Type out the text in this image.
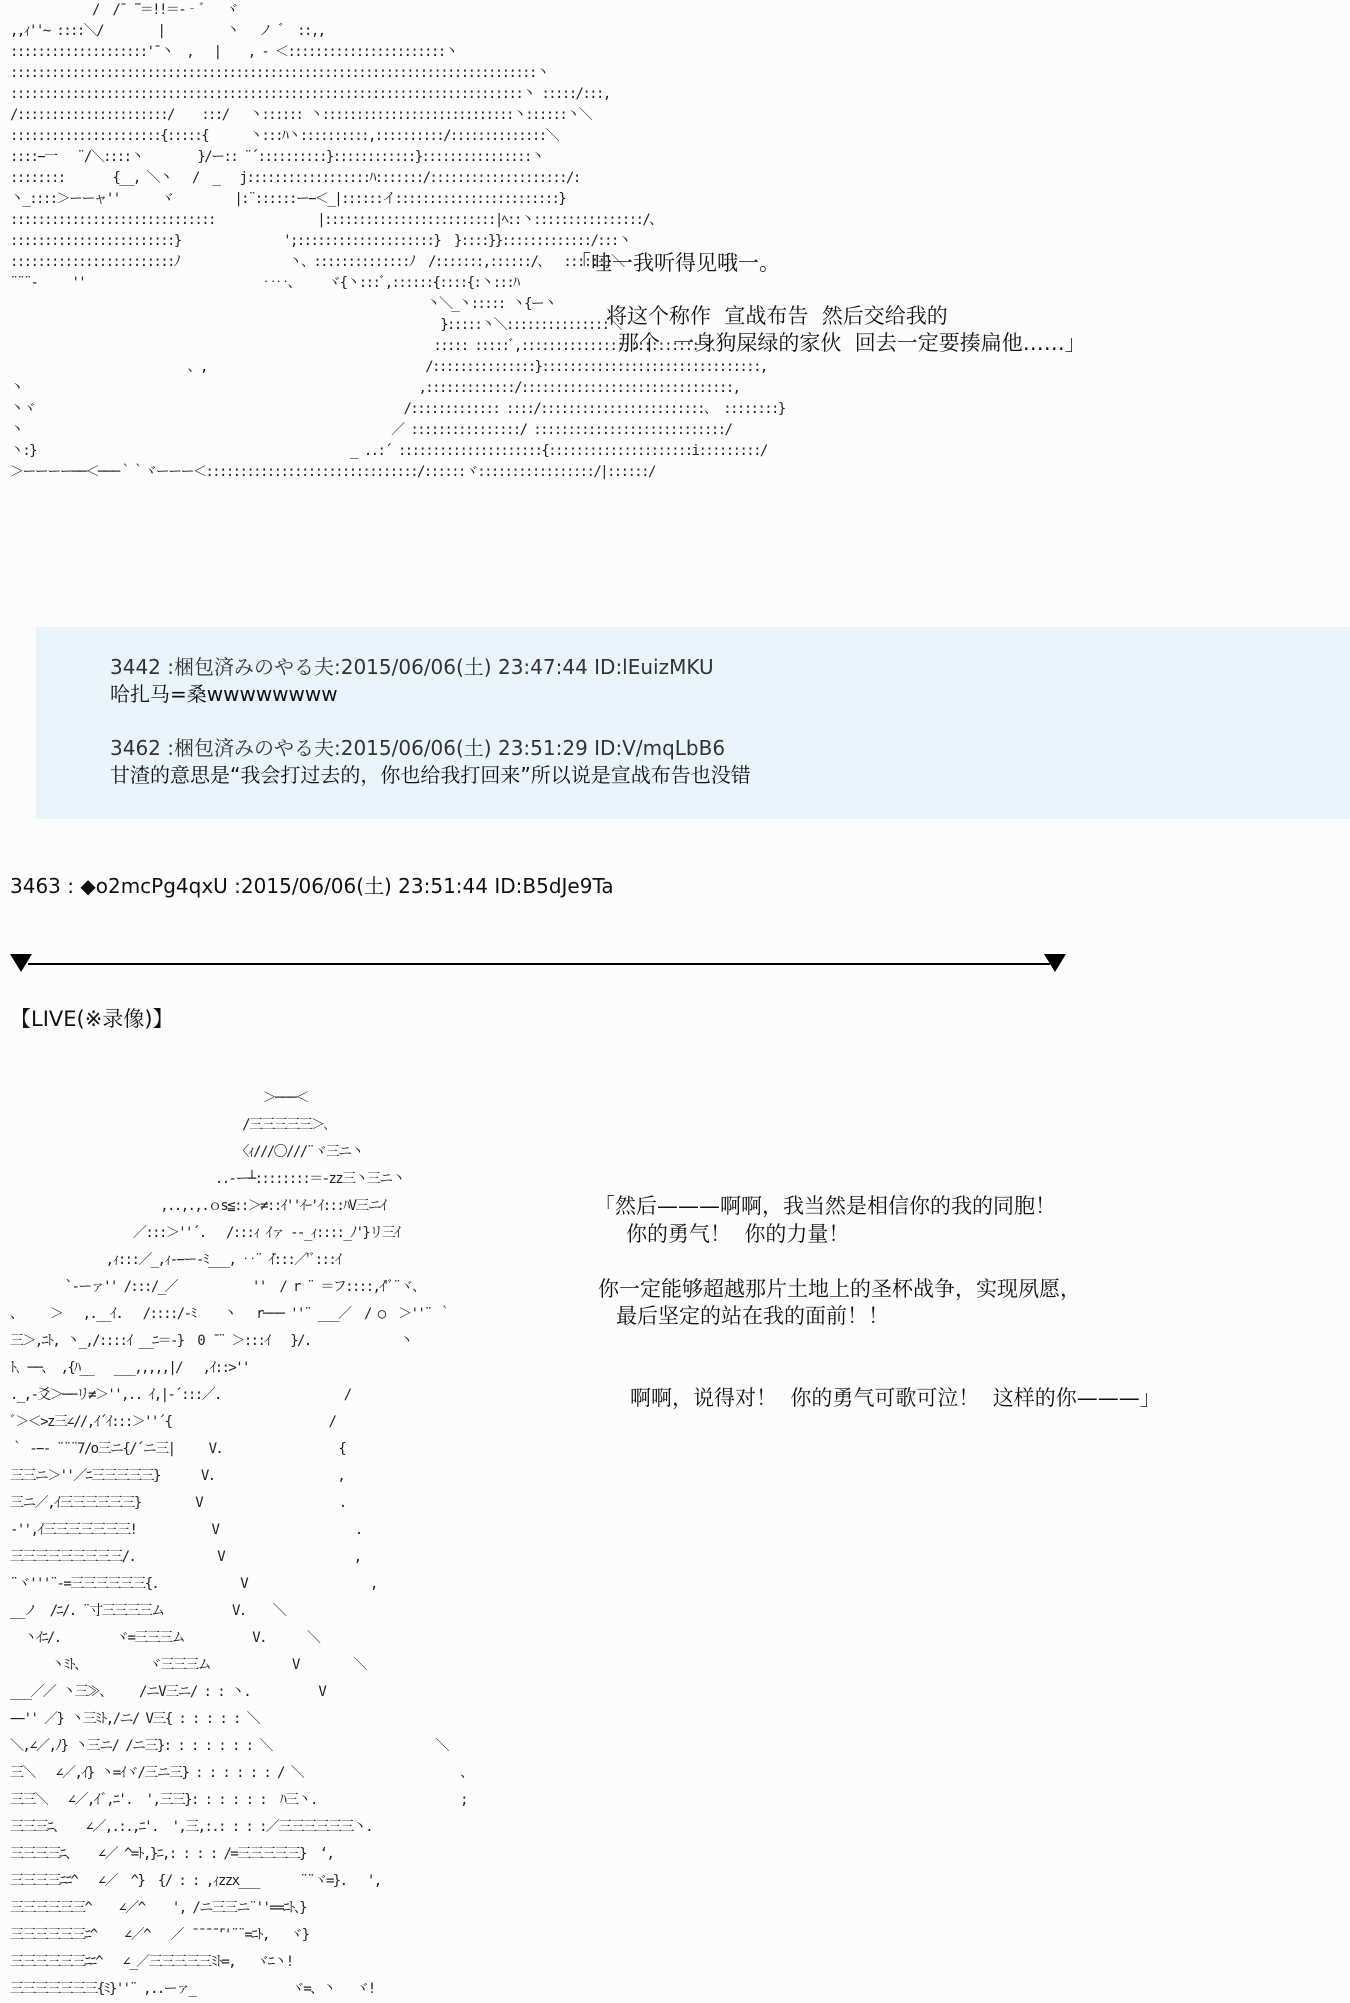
/  /¯ ̄¯＝!!＝-‐ﾞ   ヾ
,,ｨ''~ ::::＼/        |         丶   ノ ゛ ::,,
::::::::::::::::::::'¯丶  ,   |    , ‐ ＜:::::::::::::::::::::::丶
:::::::::::::::::::::::::::::::::::::::::::::::::::::::::::::::::::::::::::::丶
:::::::::::::::::::::::::::::::::::::::::::::::::::::::::::::::::::::::::::丶 :::::/:::,
/::::::::::::::::::::::/    :::/   丶:::::: 丶::::::::::::::::::::::::::::丶::::::丶＼
::::::::::::::::::::::{:::::{      丶:::ﾊ丶::::::::::,::::::::::/::::::::::::::＼
::::−一   ¨/＼::::丶        }/ー:: ¨´::::::::::}::::::::::::}::::::::::::::::丶
::::::::       {__, ＼丶   /  _   j::::::::::::::::::ﾊ:::::::/::::::::::::::::::::/:
丶_::::＞ーーャ''      ヾ         |:¨::::::ー−＜_|::::::イ::::::::::::::::::::::::}
::::::::::::::::::::::::::::::               |:::::::::::::::::::::::::|ﾍ::丶::::::::::::::::/、
::::::::::::::::::::::::}               ';::::::::::::::::::::}  }::::}}:::::::::::::/:::丶
::::::::::::::::::::::::ﾉ                丶、::::::::::::::ﾉ  /:::::::,::::::/、  ::::::}＼
¨¨¨‐     ''                          ‥‥、    ヾ{丶:::ﾞ,::::::{::::{:丶:::ﾊ
丶＼_丶::::: 丶{ー丶
}:::::丶＼:::::::::::::::＼
::::: :::::ﾞ,::::::::::::::::::::::::::丶、
、,                                /:::::::::::::::}::::::::::::::::::::::::::::::::,
丶                                                          ,:::::::::::::/:::::::::::::::::::::::::::::::,
丶ヾ                                                      /::::::::::::: ::::/::::::::::::::::::::::::、 ::::::::}
丶                                                      ／ ::::::::::::::::/ ::::::::::::::::::::::::::::/
丶:}                                              _ ..:´ :::::::::::::::::::::{:::::::::::::::::::::i:::::::::/
＞ーーーー──＜───｀｀ヾーーー＜:::::::::::::::::::::::::::::::/::::::ヾ:::::::::::::::::/|::::::/
「哇一我听得见哦一。
将这个称作  宣战布告  然后交给我的
那个  一身狗屎绿的家伙  回去一定要揍扁他……」
3442 :梱包済みのやる夫:2015/06/06(土) 23:47:44 ID:lEuizMKU
哈扎马=桑wwwwwwww
3462 :梱包済みのやる夫:2015/06/06(土) 23:51:29 ID:V/mqLbB6
甘渣的意思是“我会打过去的，你也给我打回来”所以说是宣战布告也没错
3463 : ◆o2mcPg4qxU :2015/06/06(土) 23:51:44 ID:B5dJe9Ta
【LIVE(※录像)】
＞───＜
/三三三三三＞､
〈ｨ///〇///¨ヾ三ニ丶
..‐ー┴::::::::＝-zz三丶三ニ丶
,..,.,.ｏs≦::＞≠::ｲ''ｲｰ'ｲ:::ﾊV三ニｲ
／:::＞''´.   /:::ｨ ｲァ ‐-_ｨ::::_ﾉ'}リ三ｲ
,ｨ:::／_,ｨ‐−ー-ﾐ___, ‥¨ ̄ｲ:::／'ﾞ:::ｲ
`‐ーァ'' /:::/_／           ''  / r ¨ ＝フ::::,ｲ'ﾞ¨ヾ、
、    ＞   ,.__ｲ.   /::::/‐ﾐ    丶   r─── ''¨ ___／  / ○  ＞''¨ ｀
三＞,ﾆﾄ, 丶_,/::::ｲ __ﾆ＝-}  0 ̄ ¨ ＞:::ｲ   }/.             丶
ﾄ､ ──、 ,{ﾊ__   ___,,,,,|/   ,ｲ::>''
._,-爻＞──リ≠＞'',.. ｲ,|-´:::／.                  /
ﾞ＞＜>z三∠//,ｲ´ｲ:::＞''´{                       /
｀ ‐−‐ ¨¨¨7/o三ニ{/´ニ三|     V.                 {
三三ニ＞''／ﾆ三三三三三}      V.                  ,
三ニ／,ｲ三三三三三三}        V                    .
-'',ｲ三三三三三三三!           V                    .
三三三三三三三三三/.            V                   ,
¨ヾ'''¨-=三三三三三三{.            V                  ,
__ノ  /ﾆ/. ¨寸三三三三ム          V.    ＼
丶ｲﾆ/.        ヾ=三三三ム          V.      ＼
丶ﾐﾄ、         ヾ三三三ム            V        ＼
___／／ 丶三≫、    /ニV三ニ/ : : 丶.          V
−−'' ／} 丶三ﾐﾄ,/ニ/ V三{ : : : : : ＼
＼,∠／,ﾉ} 丶三ニ/ /ニ三}: : : : : : : ＼                        ＼
三＼   ∠／,ｲ} 丶=ｲヾ/三ニ三} : : : : : : / ＼                       、
三三＼   ∠／,ｲﾞ,ﾆ'.  ',三三}: : : : : :  ﾊ三丶.                     ;
三三三ﾆ、   ∠／,.:.,ﾆ'.  ',三,:.: : : :／三三三三三三丶.
三三三三ﾆ、   ∠／ ^=ﾄ,}ﾆ,: : : : /=三三三三三}  ‘,
三三三三ﾆﾆ^   ∠／  ^}  {/ : : ,ｨzzx___      ¨¨ヾ=}.   ',
三三三三三三^    ∠／^    ', /ニ三三ニ¨''==ﾆﾄ、}
三三三三三三ﾆ^    ∠／^   ／ ̄ ̄ ̄ ̄ ̄''¨¨=ﾆﾄ,   ヾ}
三三三三三三ﾆﾆ^   ∠_／三三三三三ﾐﾄ=,   ヾﾆ丶!
三三三三三三三{ﾐ}''¨ ,..ーァ_              ヾ=、丶   ヾ!
「然后———啊啊，我当然是相信你的我的同胞！
你的勇气！  你的力量！
你一定能够超越那片土地上的圣杯战争，实现夙愿，
最后坚定的站在我的面前！！
啊啊，说得对！  你的勇气可歌可泣！  这样的你———」
